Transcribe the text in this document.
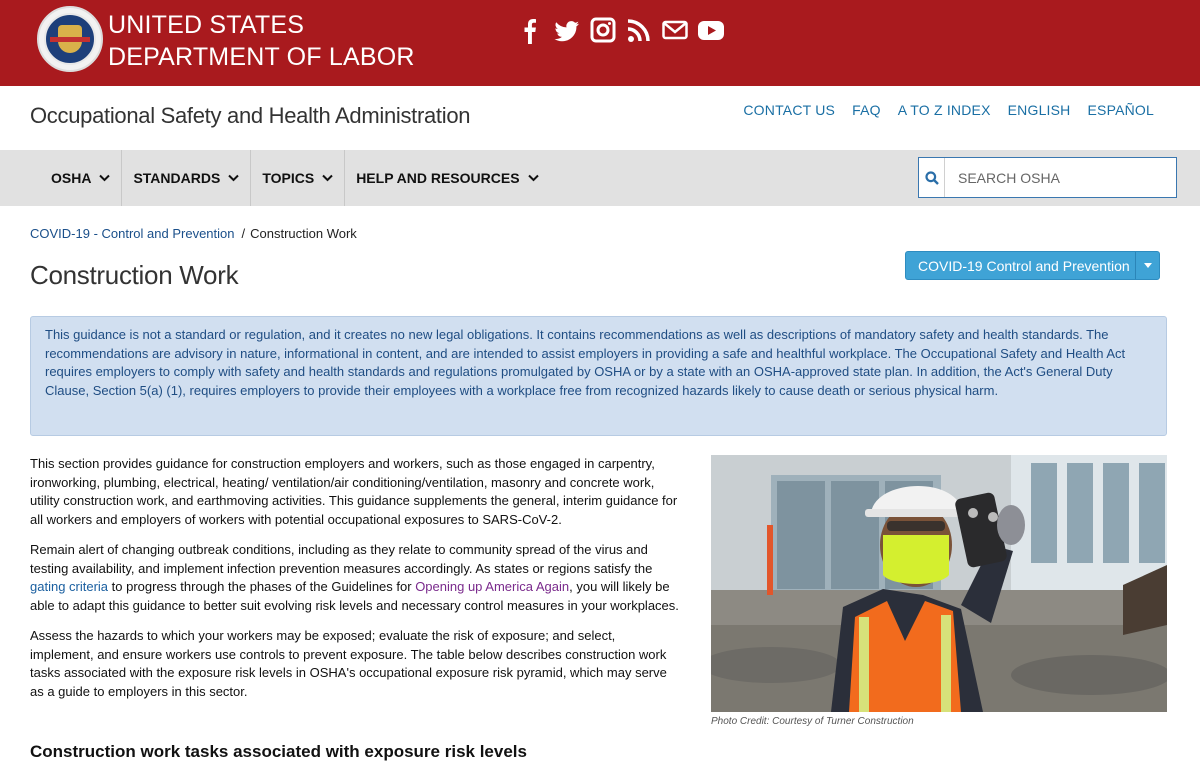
UNITED STATES
DEPARTMENT OF LABOR
Occupational Safety and Health Administration	CONTACT US FAQ A TO Z INDEX ENGLISH ESPAÑOL
OSHA	STANDARDS	TOPICS	HELP AND RESOURCES
SEARCH OSHA
COVID-19 - Control and Prevention / Construction Work
Construction Work	COVID-19 Control and Prevention
This guidance is not a standard or regulation, and it creates no new legal obligations. It contains recommendations as well as descriptions of mandatory safety and health standards. The recommendations are advisory in nature, informational in content, and are intended to assist employers in providing a safe and healthful workplace. The Occupational Safety and Health Act requires employers to comply with safety and health standards and regulations promulgated by OSHA or by a state with an OSHA-approved state plan. In addition, the Act's General Duty Clause, Section 5(a) (1), requires employers to provide their employees with a workplace free from recognized hazards likely to cause death or serious physical harm.

This section provides guidance for construction employers and workers, such as those engaged in carpentry, ironworking, plumbing, electrical, heating/ ventilation/air conditioning/ventilation, masonry and concrete work, utility construction work, and earthmoving activities. This guidance supplements the general, interim guidance for all workers and employers of workers with potential occupational exposures to SARS-CoV-2.

Remain alert of changing outbreak conditions, including as they relate to community spread of the virus and testing availability, and implement infection prevention measures accordingly. As states or regions satisfy the gating criteria to progress through the phases of the Guidelines for Opening up America Again, you will likely be able to adapt this guidance to better suit evolving risk levels and necessary control measures in your workplaces.

Assess the hazards to which your workers may be exposed; evaluate the risk of exposure; and select, implement, and ensure workers use controls to prevent exposure. The table below describes construction work tasks associated with the exposure risk levels in OSHA's occupational exposure risk pyramid, which may serve as a guide to employers in this sector.

Construction work tasks associated with exposure risk levels
Photo Credit: Courtesy of Turner Construction
